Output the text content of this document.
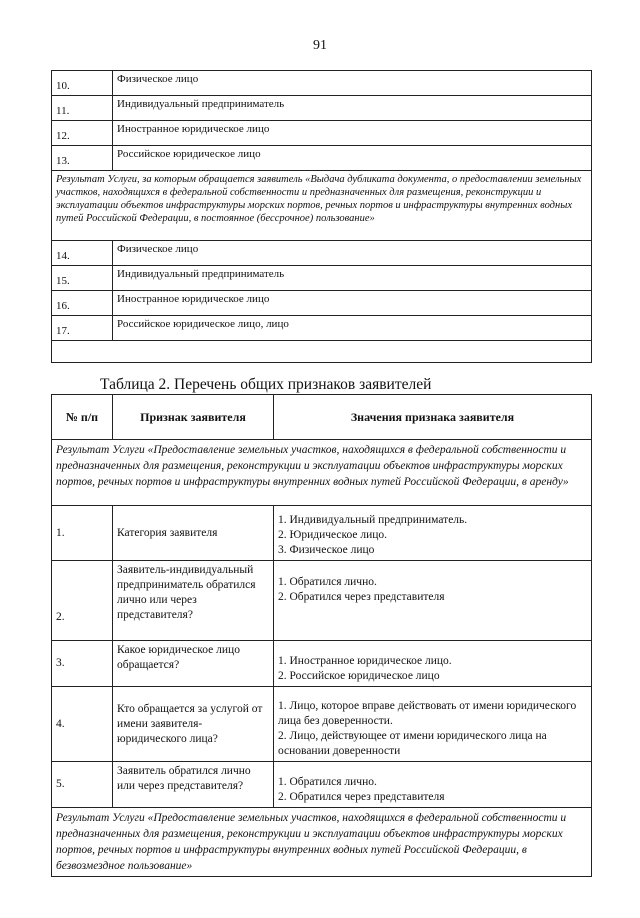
91
10.	Физическое лицо
11.	Индивидуальный предприниматель
12.	Иностранное юридическое лицо
13.	Российское юридическое лицо
Результат Услуги, за которым обращается заявитель «Выдача дубликата документа, о предоставлении земельных участков, находящихся в федеральной собственности и предназначенных для размещения, реконструкции и эксплуатации объектов инфраструктуры морских портов, речных портов и инфраструктуры внутренних водных путей Российской Федерации, в постоянное (бессрочное) пользование»	
14.	Физическое лицо
15.	Индивидуальный предприниматель
16.	Иностранное юридическое лицо
17.	Российское юридическое лицо, лицо

Таблица 2. Перечень общих признаков заявителей
№ п/п	Признак заявителя	Значения признака заявителя
Результат Услуги «Предоставление земельных участков, находящихся в федеральной собственности и предназначенных для размещения, реконструкции и эксплуатации объектов инфраструктуры морских портов, речных портов и инфраструктуры внутренних водных путей Российской Федерации, в аренду»		
1.	Категория заявителя	1. Индивидуальный предприниматель.
2. Юридическое лицо.
3. Физическое лицо

2.	Заявитель-индивидуальный предприниматель обратился лично или через представителя?	1. Обратился лично.
2. Обратился через представителя

3.	Какое юридическое лицо обращается?	1. Иностранное юридическое лицо.
2. Российское юридическое лицо

4.	Кто обращается за услугой от имени заявителя-юридического лица?	1. Лицо, которое вправе действовать от имени юридического лица без доверенности.
2. Лицо, действующее от имени юридического лица на основании доверенности

5.	Заявитель обратился лично или через представителя?	1. Обратился лично.
2. Обратился через представителя

Результат Услуги «Предоставление земельных участков, находящихся в федеральной собственности и предназначенных для размещения, реконструкции и эксплуатации объектов инфраструктуры морских портов, речных портов и инфраструктуры внутренних водных путей Российской Федерации, в безвозмездное пользование»		
